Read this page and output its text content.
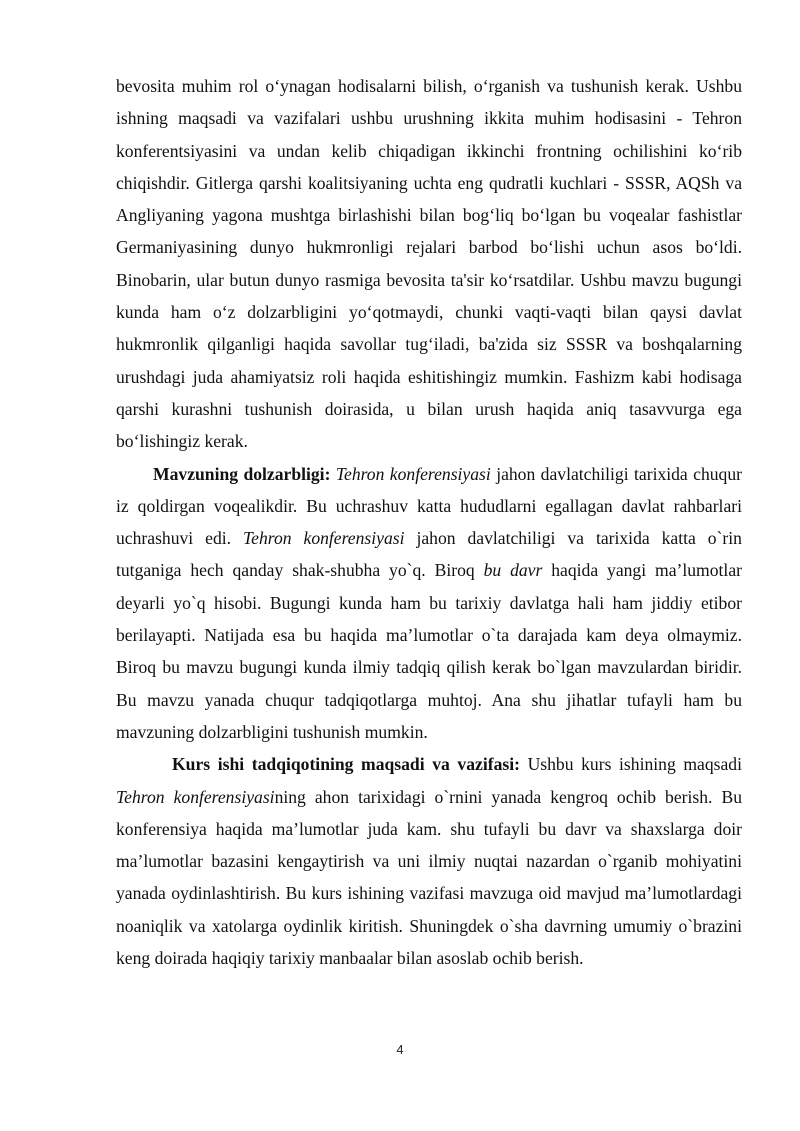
bevosita muhim rol o‘ynagan hodisalarni bilish, o‘rganish va tushunish kerak. Ushbu ishning maqsadi va vazifalari ushbu urushning ikkita muhim hodisasini - Tehron konferentsiyasini va undan kelib chiqadigan ikkinchi frontning ochilishini ko‘rib chiqishdir. Gitlerga qarshi koalitsiyaning uchta eng qudratli kuchlari - SSSR, AQSh va Angliyaning yagona mushtga birlashishi bilan bog‘liq bo‘lgan bu voqealar fashistlar Germaniyasining dunyo hukmronligi rejalari barbod bo‘lishi uchun asos bo‘ldi. Binobarin, ular butun dunyo rasmiga bevosita ta'sir ko‘rsatdilar. Ushbu mavzu bugungi kunda ham o‘z dolzarbligini yo‘qotmaydi, chunki vaqti-vaqti bilan qaysi davlat hukmronlik qilganligi haqida savollar tug‘iladi, ba'zida siz SSSR va boshqalarning urushdagi juda ahamiyatsiz roli haqida eshitishingiz mumkin. Fashizm kabi hodisaga qarshi kurashni tushunish doirasida, u bilan urush haqida aniq tasavvurga ega bo‘lishingiz kerak.

Mavzuning dolzarbligi: Tehron konferensiyasi jahon davlatchiligi tarixida chuqur iz qoldirgan voqealikdir. Bu uchrashuv katta hududlarni egallagan davlat rahbarlari uchrashuvi edi. Tehron konferensiyasi jahon davlatchiligi va tarixida katta o`rin tutganiga hech qanday shak-shubha yo`q. Biroq bu davr haqida yangi ma’lumotlar deyarli yo`q hisobi. Bugungi kunda ham bu tarixiy davlatga hali ham jiddiy etibor berilayapti. Natijada esa bu haqida ma’lumotlar o`ta darajada kam deya olmaymiz. Biroq bu mavzu bugungi kunda ilmiy tadqiq qilish kerak bo`lgan mavzulardan biridir. Bu mavzu yanada chuqur tadqiqotlarga muhtoj. Ana shu jihatlar tufayli ham bu mavzuning dolzarbligini tushunish mumkin.

Kurs ishi tadqiqotining maqsadi va vazifasi: Ushbu kurs ishining maqsadi Tehron konferensiyasining ahon tarixidagi o`rnini yanada kengroq ochib berish. Bu konferensiya haqida ma’lumotlar juda kam. shu tufayli bu davr va shaxslarga doir ma’lumotlar bazasini kengaytirish va uni ilmiy nuqtai nazardan o`rganib mohiyatini yanada oydinlashtirish. Bu kurs ishining vazifasi mavzuga oid mavjud ma’lumotlardagi noaniqlik va xatolarga oydinlik kiritish. Shuningdek o`sha davrning umumiy o`brazini keng doirada haqiqiy tarixiy manbaalar bilan asoslab ochib berish.

4
